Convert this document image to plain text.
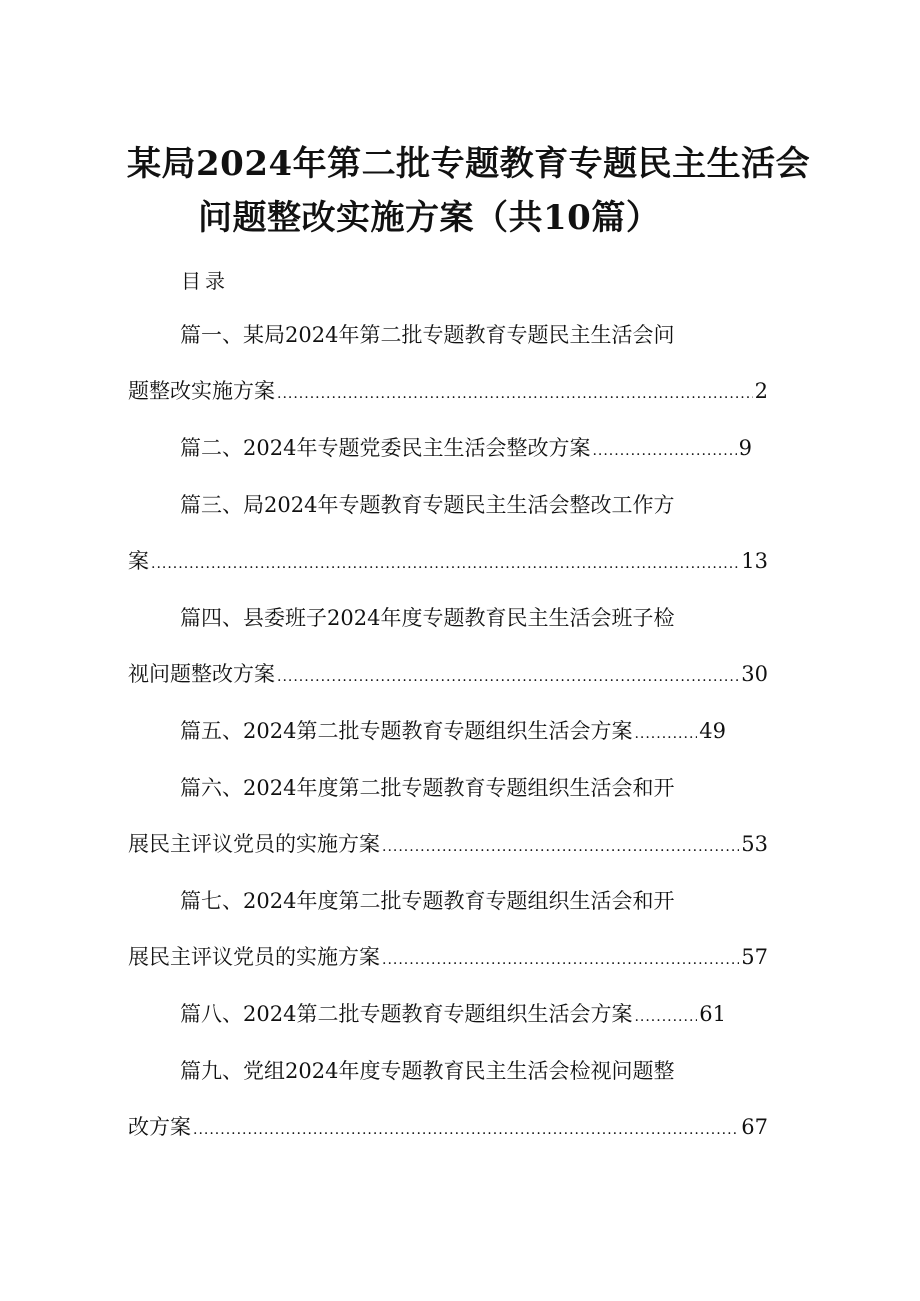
某局2024年第二批专题教育专题民主生活会
问题整改实施方案（共10篇）
目录
篇一、某局2024年第二批专题教育专题民主生活会问
题整改实施方案 .....	2
篇二、2024年专题党委民主生活会整改方案 .....	9
篇三、局2024年专题教育专题民主生活会整改工作方
案 .....	13
篇四、县委班子2024年度专题教育民主生活会班子检
视问题整改方案 .....	30
篇五、2024第二批专题教育专题组织生活会方案 .....	49
篇六、2024年度第二批专题教育专题组织生活会和开
展民主评议党员的实施方案 .....	53
篇七、2024年度第二批专题教育专题组织生活会和开
展民主评议党员的实施方案 .....	57
篇八、2024第二批专题教育专题组织生活会方案 .....	61
篇九、党组2024年度专题教育民主生活会检视问题整
改方案 .....	67
